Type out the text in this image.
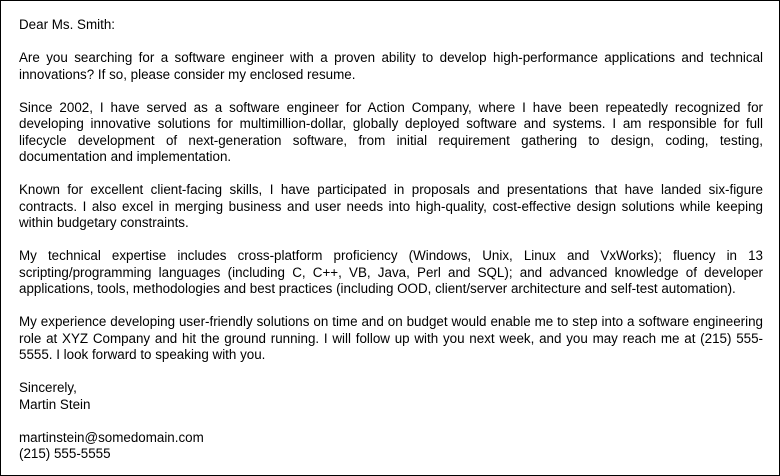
Dear Ms. Smith:

Are you searching for a software engineer with a proven ability to develop high-performance applications and technical innovations? If so, please consider my enclosed resume.

Since 2002, I have served as a software engineer for Action Company, where I have been repeatedly recognized for developing innovative solutions for multimillion-dollar, globally deployed software and systems. I am responsible for full lifecycle development of next-generation software, from initial requirement gathering to design, coding, testing, documentation and implementation.

Known for excellent client-facing skills, I have participated in proposals and presentations that have landed six-figure contracts. I also excel in merging business and user needs into high-quality, cost-effective design solutions while keeping within budgetary constraints.

My technical expertise includes cross-platform proficiency (Windows, Unix, Linux and VxWorks); fluency in 13 scripting/programming languages (including C, C++, VB, Java, Perl and SQL); and advanced knowledge of developer applications, tools, methodologies and best practices (including OOD, client/server architecture and self-test automation).

My experience developing user-friendly solutions on time and on budget would enable me to step into a software engineering role at XYZ Company and hit the ground running. I will follow up with you next week, and you may reach me at (215) 555-5555. I look forward to speaking with you.

Sincerely,
Martin Stein
martinstein@somedomain.com
(215) 555-5555
